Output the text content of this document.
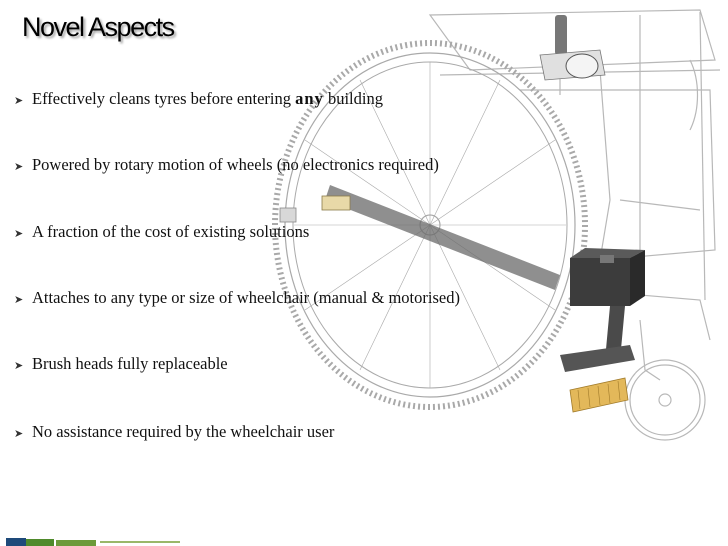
Novel Aspects
➤ Effectively cleans tyres before entering any building
➤ Powered by rotary motion of wheels (no electronics required)
➤ A fraction of the cost of existing solutions
➤ Attaches to any type or size of wheelchair (manual & motorised)
➤ Brush heads fully replaceable
➤ No assistance required by the wheelchair user
